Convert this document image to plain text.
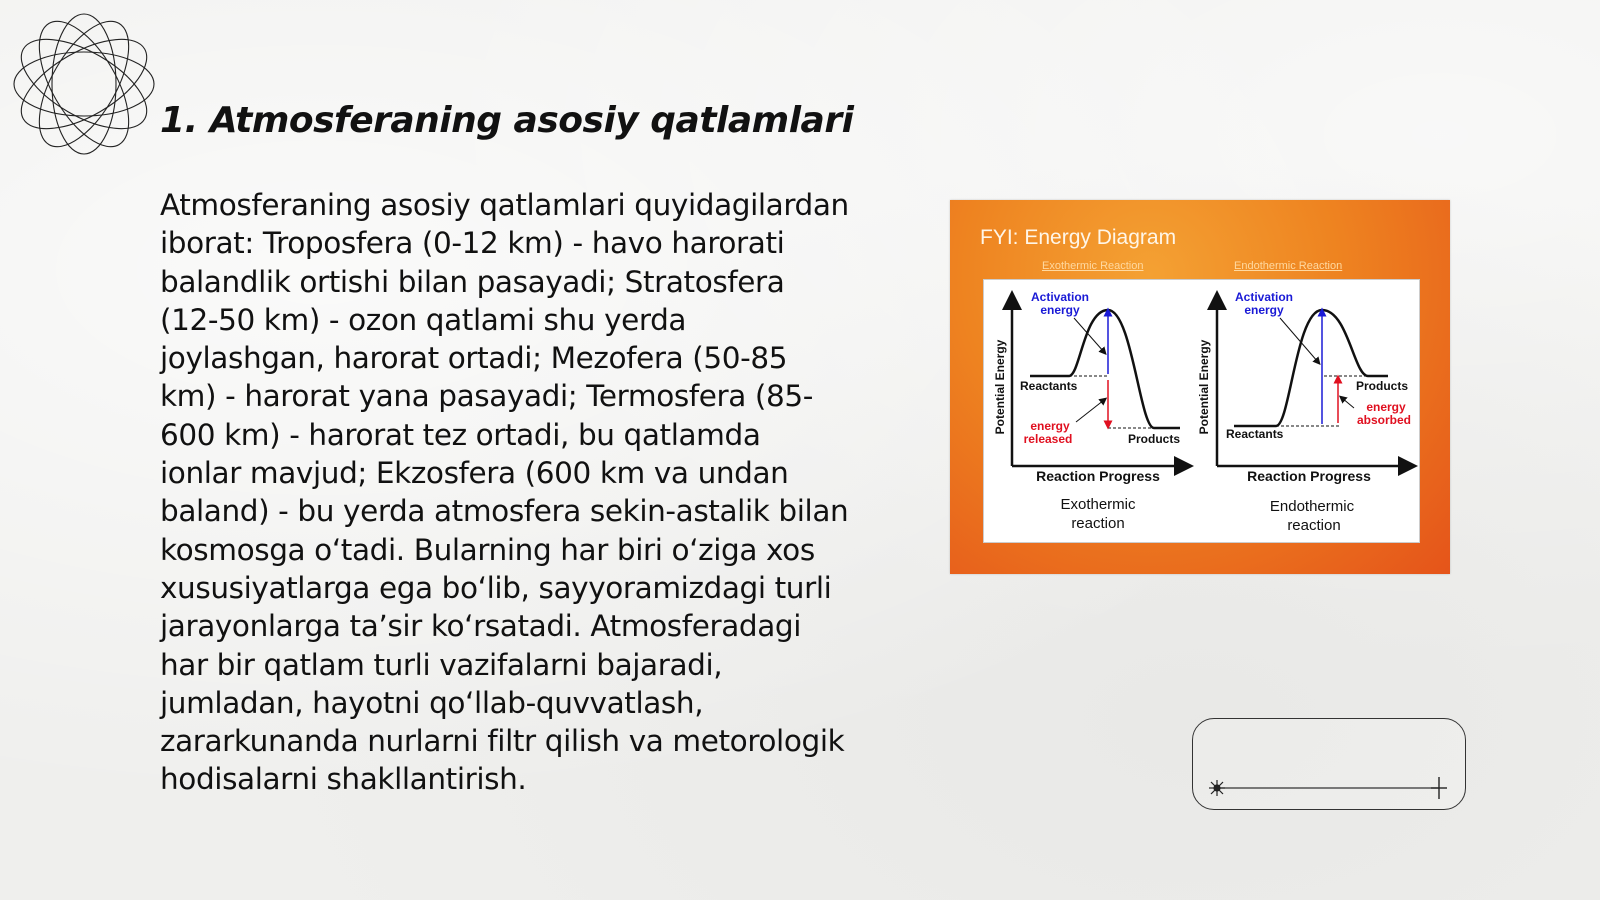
1. Atmosferaning asosiy qatlamlari
Atmosferaning asosiy qatlamlari quyidagilardan iborat: Troposfera (0-12 km) - havo harorati balandlik ortishi bilan pasayadi; Stratosfera (12-50 km) - ozon qatlami shu yerda joylashgan, harorat ortadi; Mezofera (50-85 km) - harorat yana pasayadi; Termosfera (85-600 km) - harorat tez ortadi, bu qatlamda ionlar mavjud; Ekzosfera (600 km va undan baland) - bu yerda atmosfera sekin-astalik bilan kosmosga o‘tadi. Bularning har biri o‘ziga xos xususiyatlarga ega bo‘lib, sayyoramizdagi turli jarayonlarga ta’sir ko‘rsatadi. Atmosferadagi har bir qatlam turli vazifalarni bajaradi, jumladan, hayotni qo‘llab-quvvatlash, zararkunanda nurlarni filtr qilish va metorologik hodisalarni shakllantirish.
FYI: Energy Diagram
Exothermic Reaction	Endothermic Reaction
Activation
energy
Potential Energy Reactants
Products
energy
released
Reaction Progress
Exothermic
reaction
Activation
energy
Potential Energy Reactants
Products
energy
absorbed
Reaction Progress
Endothermic
reaction
